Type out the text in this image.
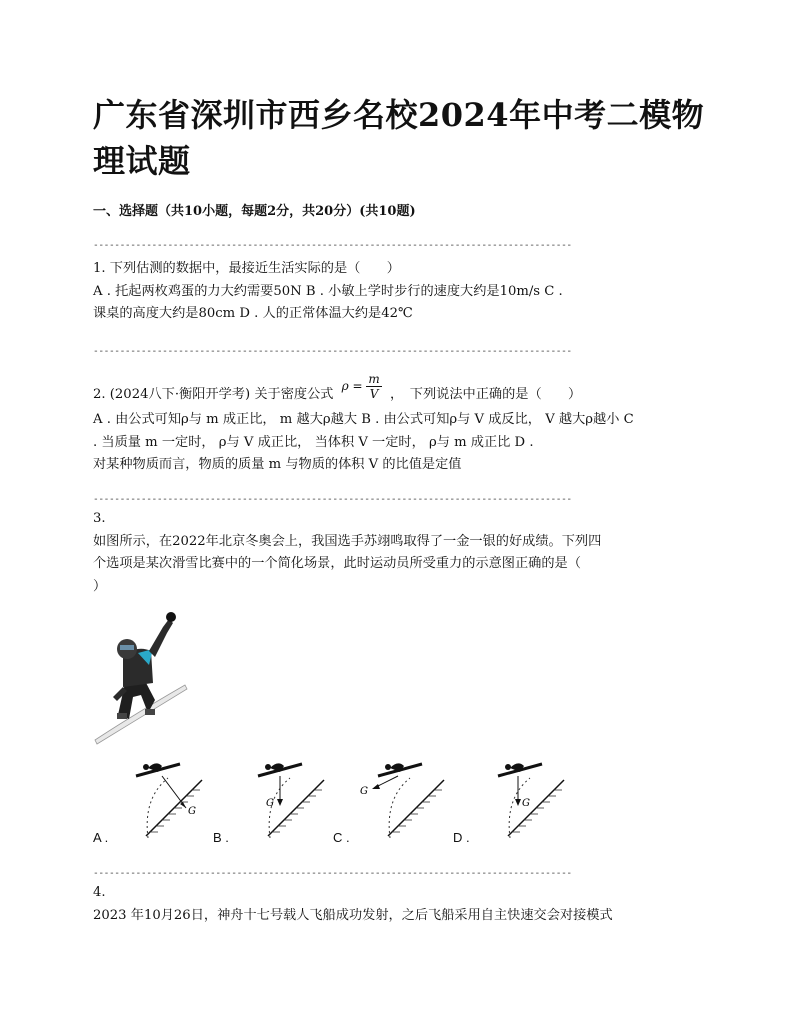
广东省深圳市西乡名校2024年中考二模物理试题
一、选择题（共10小题，每题2分，共20分）(共10题)
------------------------------------------------------------------------------------------

1. 下列估测的数据中，最接近生活实际的是（　　）

A . 托起两枚鸡蛋的力大约需要50N B . 小敏上学时步行的速度大约是10m/s C .

课桌的高度大约是80cm D . 人的正常体温大约是42℃

------------------------------------------------------------------------------------------

2. (2024八下·衡阳开学考) 关于密度公式 $\rho = \frac{m}{V}$ ，　下列说法中正确的是（　　）

A . 由公式可知ρ与 m 成正比， m 越大ρ越大 B . 由公式可知ρ与 V 成反比， V 越大ρ越小 C

. 当质量 m 一定时， ρ与 V 成正比， 当体积 V 一定时， ρ与 m 成正比 D .

对某种物质而言，物质的质量 m 与物质的体积 V 的比值是定值

------------------------------------------------------------------------------------------

3.

如图所示，在2022年北京冬奥会上，我国选手苏翊鸣取得了一金一银的好成绩。下列四

个选项是某次滑雪比赛中的一个简化场景，此时运动员所受重力的示意图正确的是（

）

G
G
G
G
A .	B .	C .	D .
------------------------------------------------------------------------------------------

4.

2023 年10月26日，神舟十七号载人飞船成功发射，之后飞船采用自主快速交会对接模式
